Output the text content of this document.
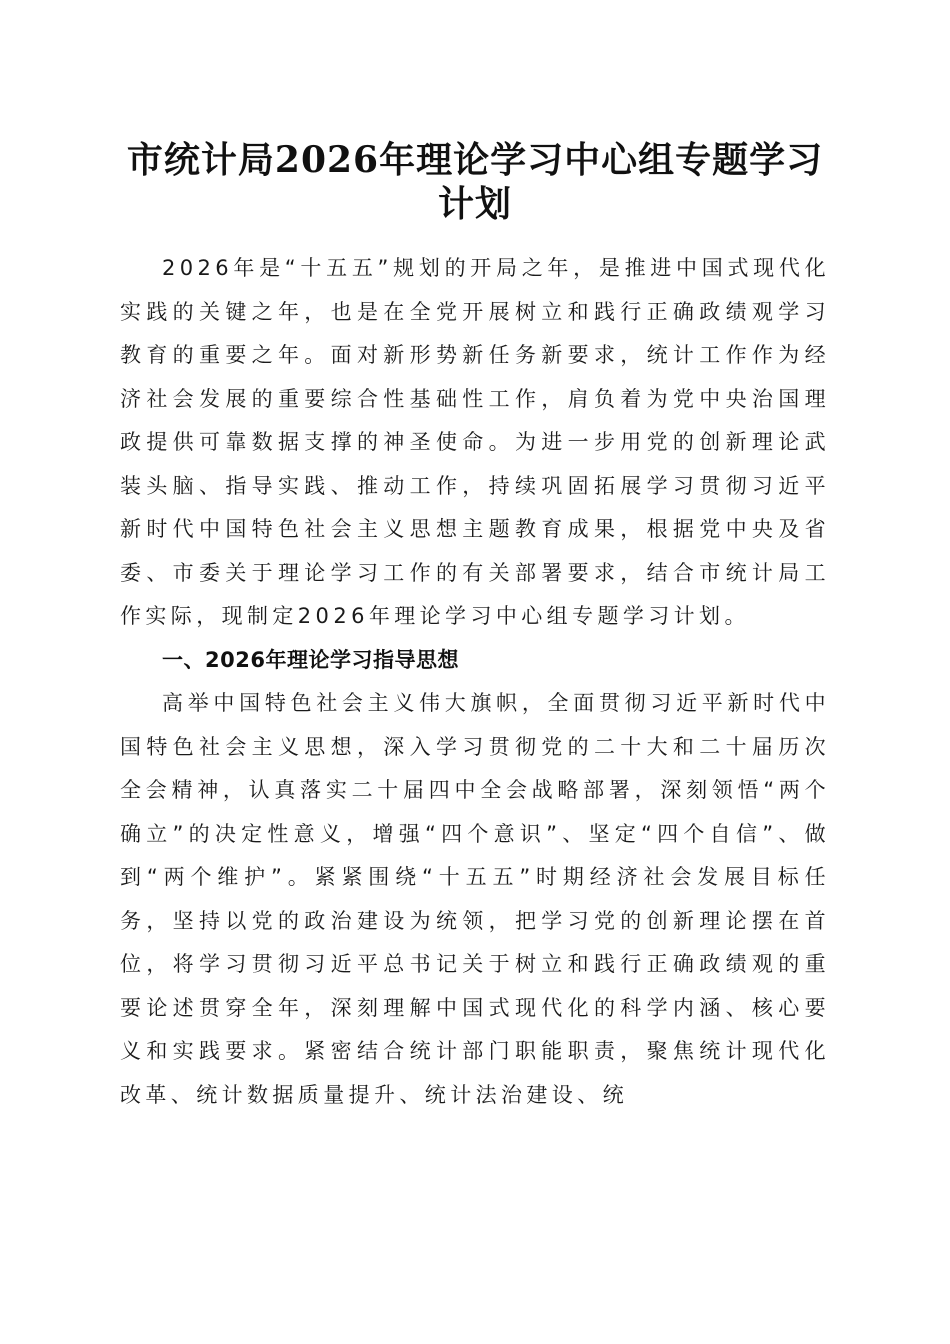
市统计局2026年理论学习中心组专题学习计划

2026年是“十五五”规划的开局之年，是推进中国式现代化实践的关键之年，也是在全党开展树立和践行正确政绩观学习教育的重要之年。面对新形势新任务新要求，统计工作作为经济社会发展的重要综合性基础性工作，肩负着为党中央治国理政提供可靠数据支撑的神圣使命。为进一步用党的创新理论武装头脑、指导实践、推动工作，持续巩固拓展学习贯彻习近平新时代中国特色社会主义思想主题教育成果，根据党中央及省委、市委关于理论学习工作的有关部署要求，结合市统计局工作实际，现制定2026年理论学习中心组专题学习计划。

一、2026年理论学习指导思想

高举中国特色社会主义伟大旗帜，全面贯彻习近平新时代中国特色社会主义思想，深入学习贯彻党的二十大和二十届历次全会精神，认真落实二十届四中全会战略部署，深刻领悟“两个确立”的决定性意义，增强“四个意识”、坚定“四个自信”、做到“两个维护”。紧紧围绕“十五五”时期经济社会发展目标任务，坚持以党的政治建设为统领，把学习党的创新理论摆在首位，将学习贯彻习近平总书记关于树立和践行正确政绩观的重要论述贯穿全年，深刻理解中国式现代化的科学内涵、核心要义和实践要求。紧密结合统计部门职能职责，聚焦统计现代化改革、统计数据质量提升、统计法治建设、统
